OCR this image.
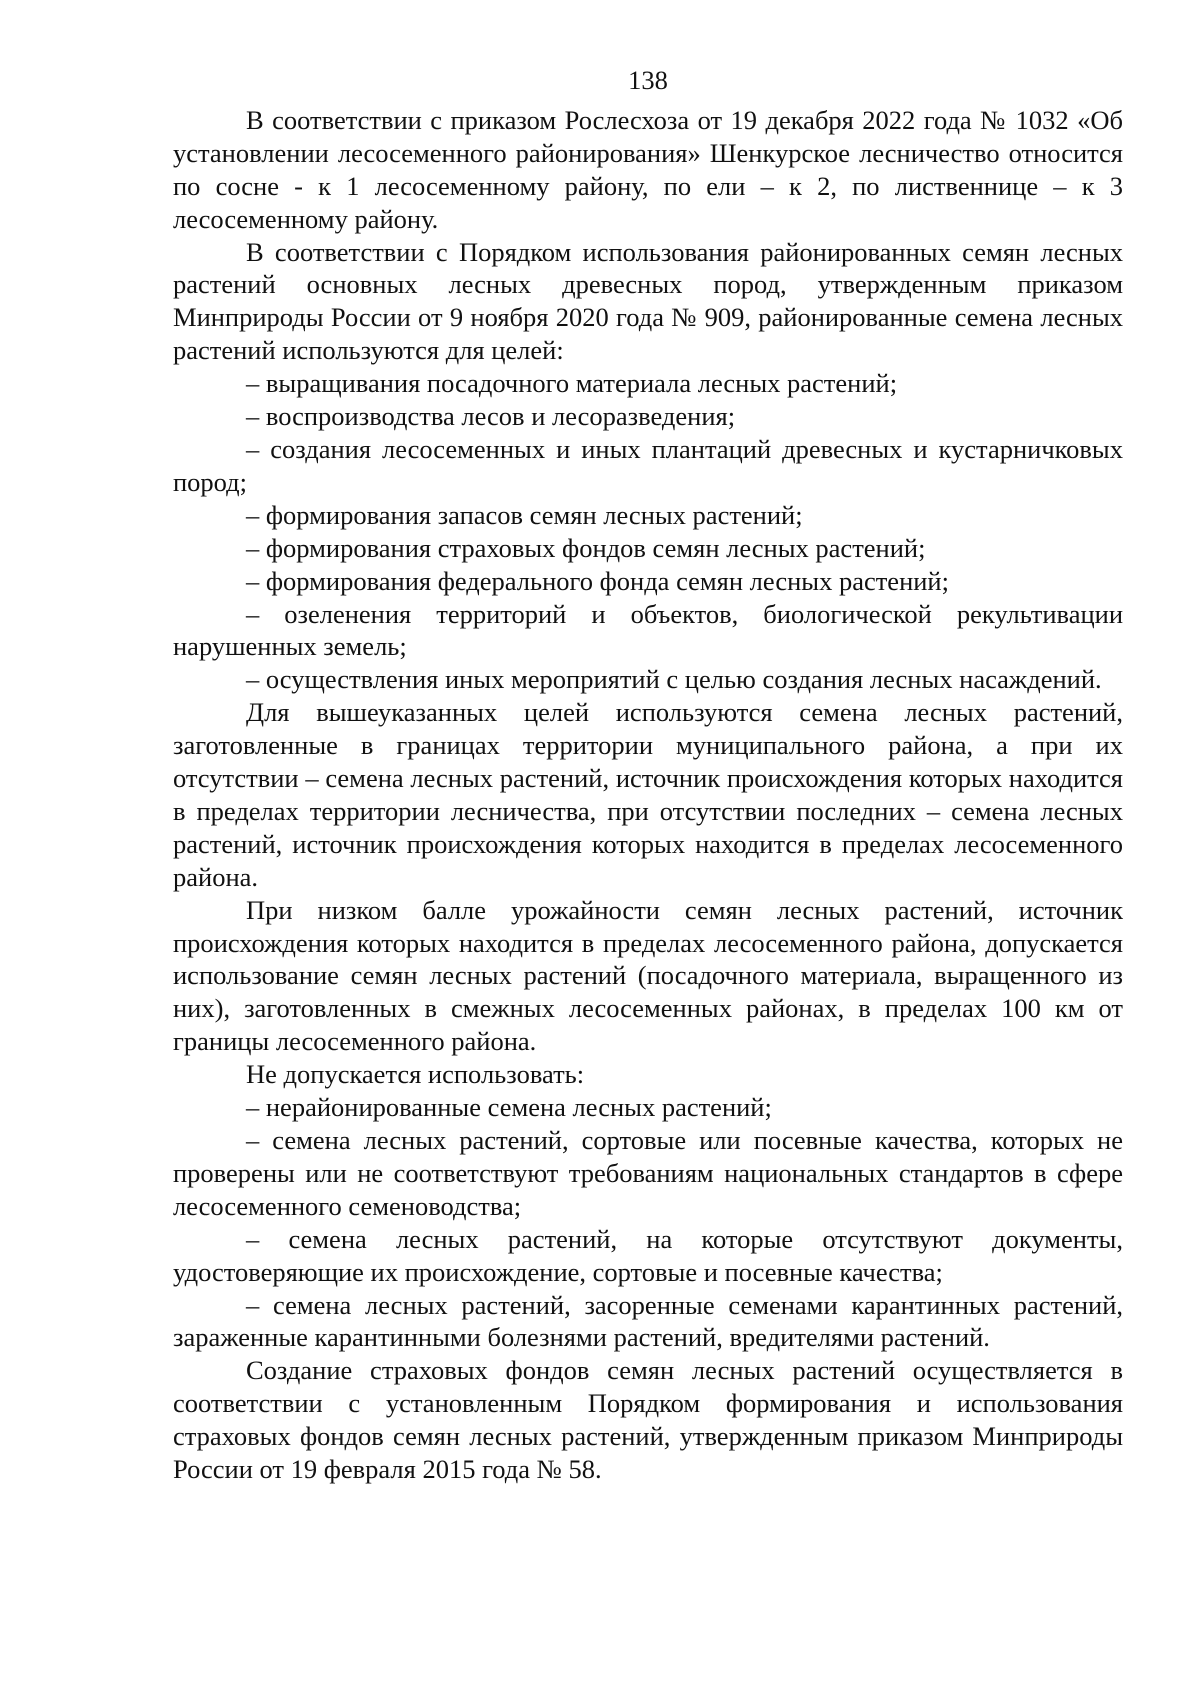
138

В соответствии с приказом Рослесхоза от 19 декабря 2022 года № 1032 «Об установлении лесосеменного районирования» Шенкурское лесничество относится по сосне - к 1 лесосеменному району, по ели – к 2, по лиственнице – к 3 лесосеменному району.

В соответствии с Порядком использования районированных семян лесных растений основных лесных древесных пород, утвержденным приказом Минприроды России от 9 ноября 2020 года № 909, районированные семена лесных растений используются для целей:

– выращивания посадочного материала лесных растений;

– воспроизводства лесов и лесоразведения;

– создания лесосеменных и иных плантаций древесных и кустарничковых пород;

– формирования запасов семян лесных растений;

– формирования страховых фондов семян лесных растений;

– формирования федерального фонда семян лесных растений;

– озеленения территорий и объектов, биологической рекультивации нарушенных земель;

– осуществления иных мероприятий с целью создания лесных насаждений.

Для вышеуказанных целей используются семена лесных растений, заготовленные в границах территории муниципального района, а при их отсутствии – семена лесных растений, источник происхождения которых находится в пределах территории лесничества, при отсутствии последних – семена лесных растений, источник происхождения которых находится в пределах лесосеменного района.

При низком балле урожайности семян лесных растений, источник происхождения которых находится в пределах лесосеменного района, допускается использование семян лесных растений (посадочного материала, выращенного из них), заготовленных в смежных лесосеменных районах, в пределах 100 км от границы лесосеменного района.

Не допускается использовать:

– нерайонированные семена лесных растений;

– семена лесных растений, сортовые или посевные качества, которых не проверены или не соответствуют требованиям национальных стандартов в сфере лесосеменного семеноводства;

– семена лесных растений, на которые отсутствуют документы, удостоверяющие их происхождение, сортовые и посевные качества;

– семена лесных растений, засоренные семенами карантинных растений, зараженные карантинными болезнями растений, вредителями растений.

Создание страховых фондов семян лесных растений осуществляется в соответствии с установленным Порядком формирования и использования страховых фондов семян лесных растений, утвержденным приказом Минприроды России от 19 февраля 2015 года № 58.
